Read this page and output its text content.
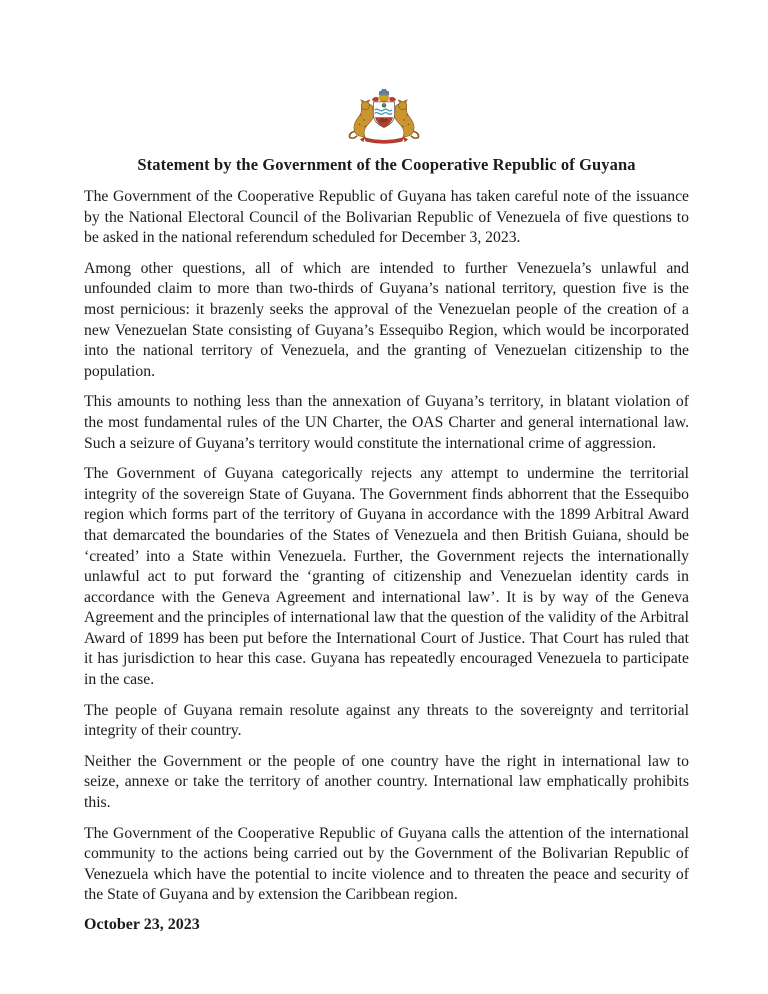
Statement by the Government of the Cooperative Republic of Guyana

The Government of the Cooperative Republic of Guyana has taken careful note of the issuance by the National Electoral Council of the Bolivarian Republic of Venezuela of five questions to be asked in the national referendum scheduled for December 3, 2023.

Among other questions, all of which are intended to further Venezuela’s unlawful and unfounded claim to more than two-thirds of Guyana’s national territory, question five is the most pernicious: it brazenly seeks the approval of the Venezuelan people of the creation of a new Venezuelan State consisting of Guyana’s Essequibo Region, which would be incorporated into the national territory of Venezuela, and the granting of Venezuelan citizenship to the population.

This amounts to nothing less than the annexation of Guyana’s territory, in blatant violation of the most fundamental rules of the UN Charter, the OAS Charter and general international law. Such a seizure of Guyana’s territory would constitute the international crime of aggression.

The Government of Guyana categorically rejects any attempt to undermine the territorial integrity of the sovereign State of Guyana. The Government finds abhorrent that the Essequibo region which forms part of the territory of Guyana in accordance with the 1899 Arbitral Award that demarcated the boundaries of the States of Venezuela and then British Guiana, should be ‘created’ into a State within Venezuela. Further, the Government rejects the internationally unlawful act to put forward the ‘granting of citizenship and Venezuelan identity cards in accordance with the Geneva Agreement and international law’. It is by way of the Geneva Agreement and the principles of international law that the question of the validity of the Arbitral Award of 1899 has been put before the International Court of Justice. That Court has ruled that it has jurisdiction to hear this case. Guyana has repeatedly encouraged Venezuela to participate in the case.

The people of Guyana remain resolute against any threats to the sovereignty and territorial integrity of their country.

Neither the Government or the people of one country have the right in international law to seize, annexe or take the territory of another country. International law emphatically prohibits this.

The Government of the Cooperative Republic of Guyana calls the attention of the international community to the actions being carried out by the Government of the Bolivarian Republic of Venezuela which have the potential to incite violence and to threaten the peace and security of the State of Guyana and by extension the Caribbean region.

October 23, 2023
